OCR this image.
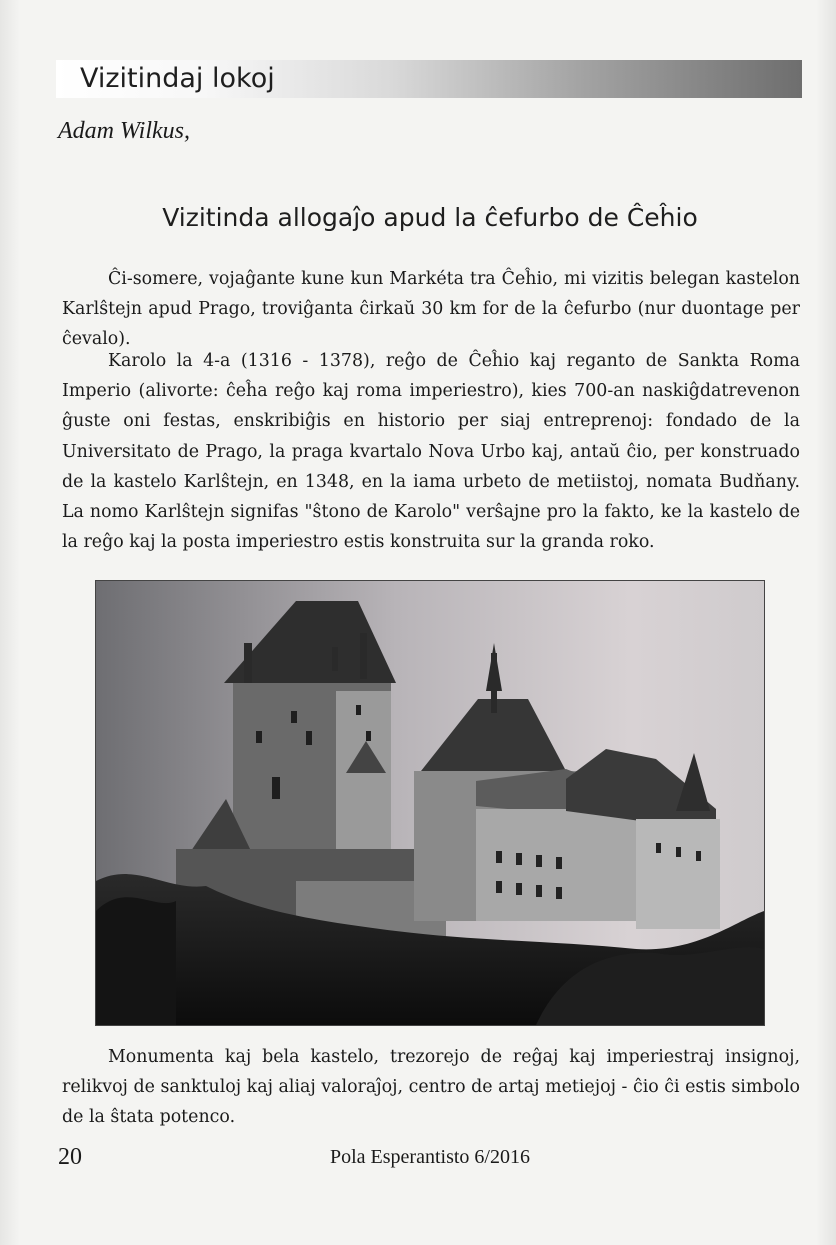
Vizitindaj lokoj
Adam Wilkus,
Vizitinda allogaĵo apud la ĉefurbo de Ĉeĥio

Ĉi-somere, vojaĝante kune kun Markéta tra Ĉeĥio, mi vizitis belegan kastelon Karlŝtejn apud Prago, troviĝanta ĉirkaŭ 30 km for de la ĉefurbo (nur duontage per ĉevalo).

Karolo la 4-a (1316 - 1378), reĝo de Ĉeĥio kaj reganto de Sankta Roma Imperio (alivorte: ĉeĥa reĝo kaj roma imperiestro), kies 700-an naskiĝdatrevenon ĝuste oni festas, enskribiĝis en historio per siaj entreprenoj: fondado de la Universitato de Prago, la praga kvartalo Nova Urbo kaj, antaŭ ĉio, per konstruado de la kastelo Karlŝtejn, en 1348, en la iama urbeto de metiistoj, nomata Budňany. La nomo Karlŝtejn signifas "ŝtono de Karolo" verŝajne pro la fakto, ke la kastelo de la reĝo kaj la posta imperiestro estis konstruita sur la granda roko.

Monumenta kaj bela kastelo, trezorejo de reĝaj kaj imperiestraj insignoj, relikvoj de sanktuloj kaj aliaj valoraĵoj, centro de artaj metiejoj - ĉio ĉi estis simbolo de la ŝtata potenco.

20	Pola Esperantisto 6/2016
